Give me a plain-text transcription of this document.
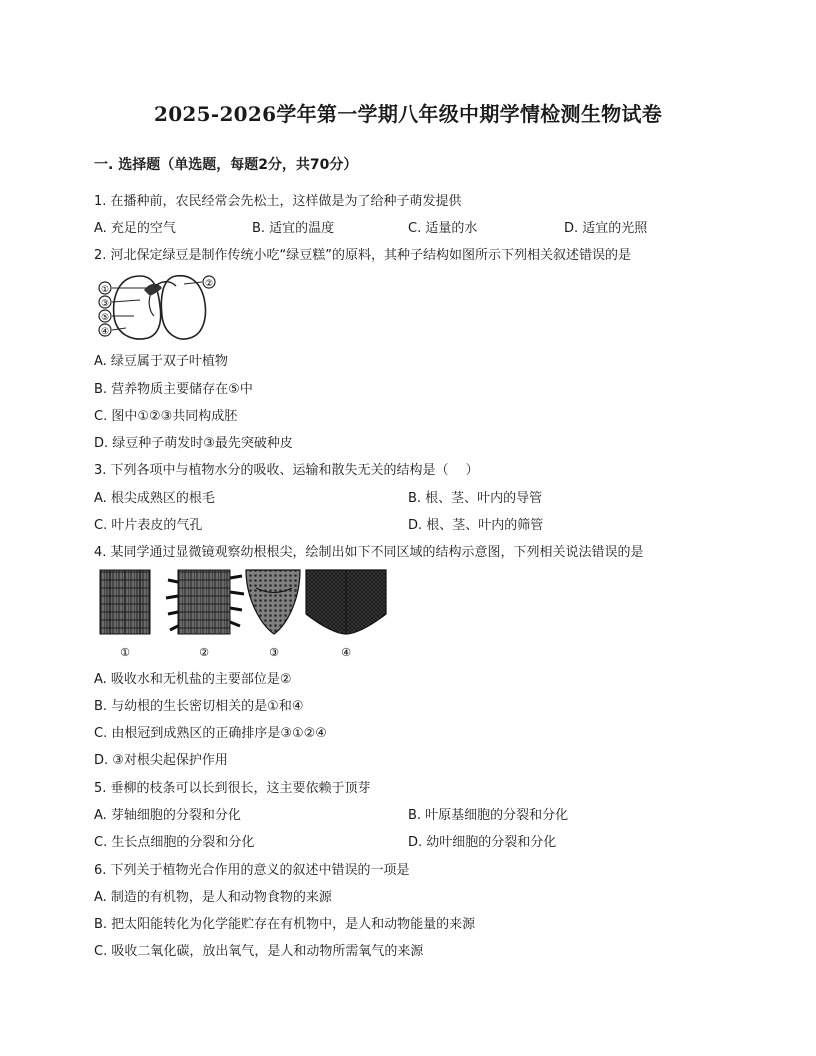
2025-2026学年第一学期八年级中期学情检测生物试卷
一. 选择题（单选题，每题2分，共70分）
1. 在播种前，农民经常会先松土，这样做是为了给种子萌发提供
A. 充足的空气	B. 适宜的温度	C. 适量的水	D. 适宜的光照
2. 河北保定绿豆是制作传统小吃“绿豆糕”的原料，其种子结构如图所示下列相关叙述错误的是
①
②
③
⑤
④
A. 绿豆属于双子叶植物
B. 营养物质主要储存在⑤中
C. 图中①②③共同构成胚
D. 绿豆种子萌发时③最先突破种皮
3. 下列各项中与植物水分的吸收、运输和散失无关的结构是（　 ）
A. 根尖成熟区的根毛	B. 根、茎、叶内的导管
C. 叶片表皮的气孔	D. 根、茎、叶内的筛管
4. 某同学通过显微镜观察幼根根尖，绘制出如下不同区域的结构示意图，下列相关说法错误的是
①	②	③	④
A. 吸收水和无机盐的主要部位是②
B. 与幼根的生长密切相关的是①和④
C. 由根冠到成熟区的正确排序是③①②④
D. ③对根尖起保护作用
5. 垂柳的枝条可以长到很长，这主要依赖于顶芽
A. 芽轴细胞的分裂和分化	B. 叶原基细胞的分裂和分化
C. 生长点细胞的分裂和分化	D. 幼叶细胞的分裂和分化
6. 下列关于植物光合作用的意义的叙述中错误的一项是
A. 制造的有机物，是人和动物食物的来源
B. 把太阳能转化为化学能贮存在有机物中，是人和动物能量的来源
C. 吸收二氧化碳，放出氧气，是人和动物所需氧气的来源
